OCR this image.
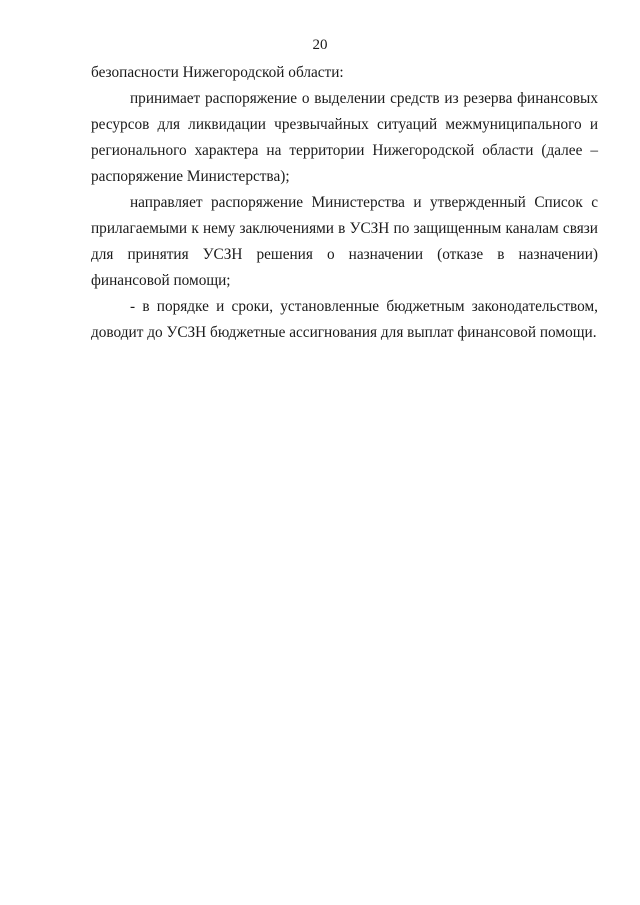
20

безопасности Нижегородской области:

принимает распоряжение о выделении средств из резерва финансовых ресурсов для ликвидации чрезвычайных ситуаций межмуниципального и регионального характера на территории Нижегородской области (далее – распоряжение Министерства);

направляет распоряжение Министерства и утвержденный Список с прилагаемыми к нему заключениями в УСЗН по защищенным каналам связи для принятия УСЗН решения о назначении (отказе в назначении) финансовой помощи;

- в порядке и сроки, установленные бюджетным законодательством, доводит до УСЗН бюджетные ассигнования для выплат финансовой помощи.
